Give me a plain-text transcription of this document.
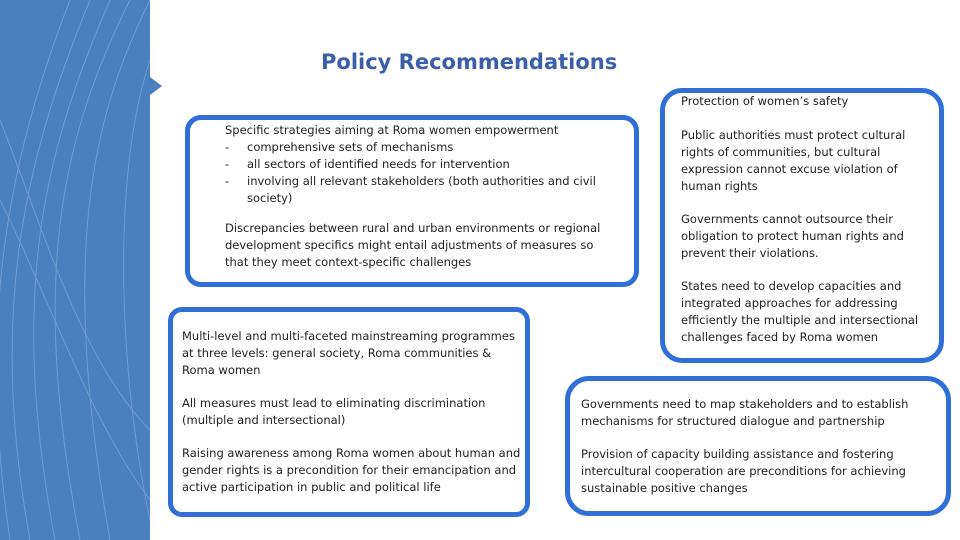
Policy Recommendations

Specific strategies aiming at Roma women empowerment

- comprehensive sets of mechanisms
- all sectors of identified needs for intervention
- involving all relevant stakeholders (both authorities and civil society)

Discrepancies between rural and urban environments or regional development specifics might entail adjustments of measures so that they meet context-specific challenges

Protection of women’s safety
Public authorities must protect cultural rights of communities, but cultural expression cannot excuse violation of human rights
Governments cannot outsource their obligation to protect human rights and prevent their violations.
States need to develop capacities and integrated approaches for addressing efficiently the multiple and intersectional challenges faced by Roma women
Multi-level and multi-faceted mainstreaming programmes at three levels: general society, Roma communities & Roma women
All measures must lead to eliminating discrimination (multiple and intersectional)
Raising awareness among Roma women about human and gender rights is a precondition for their emancipation and active participation in public and political life
Governments need to map stakeholders and to establish mechanisms for structured dialogue and partnership
Provision of capacity building assistance and fostering intercultural cooperation are preconditions for achieving sustainable positive changes
